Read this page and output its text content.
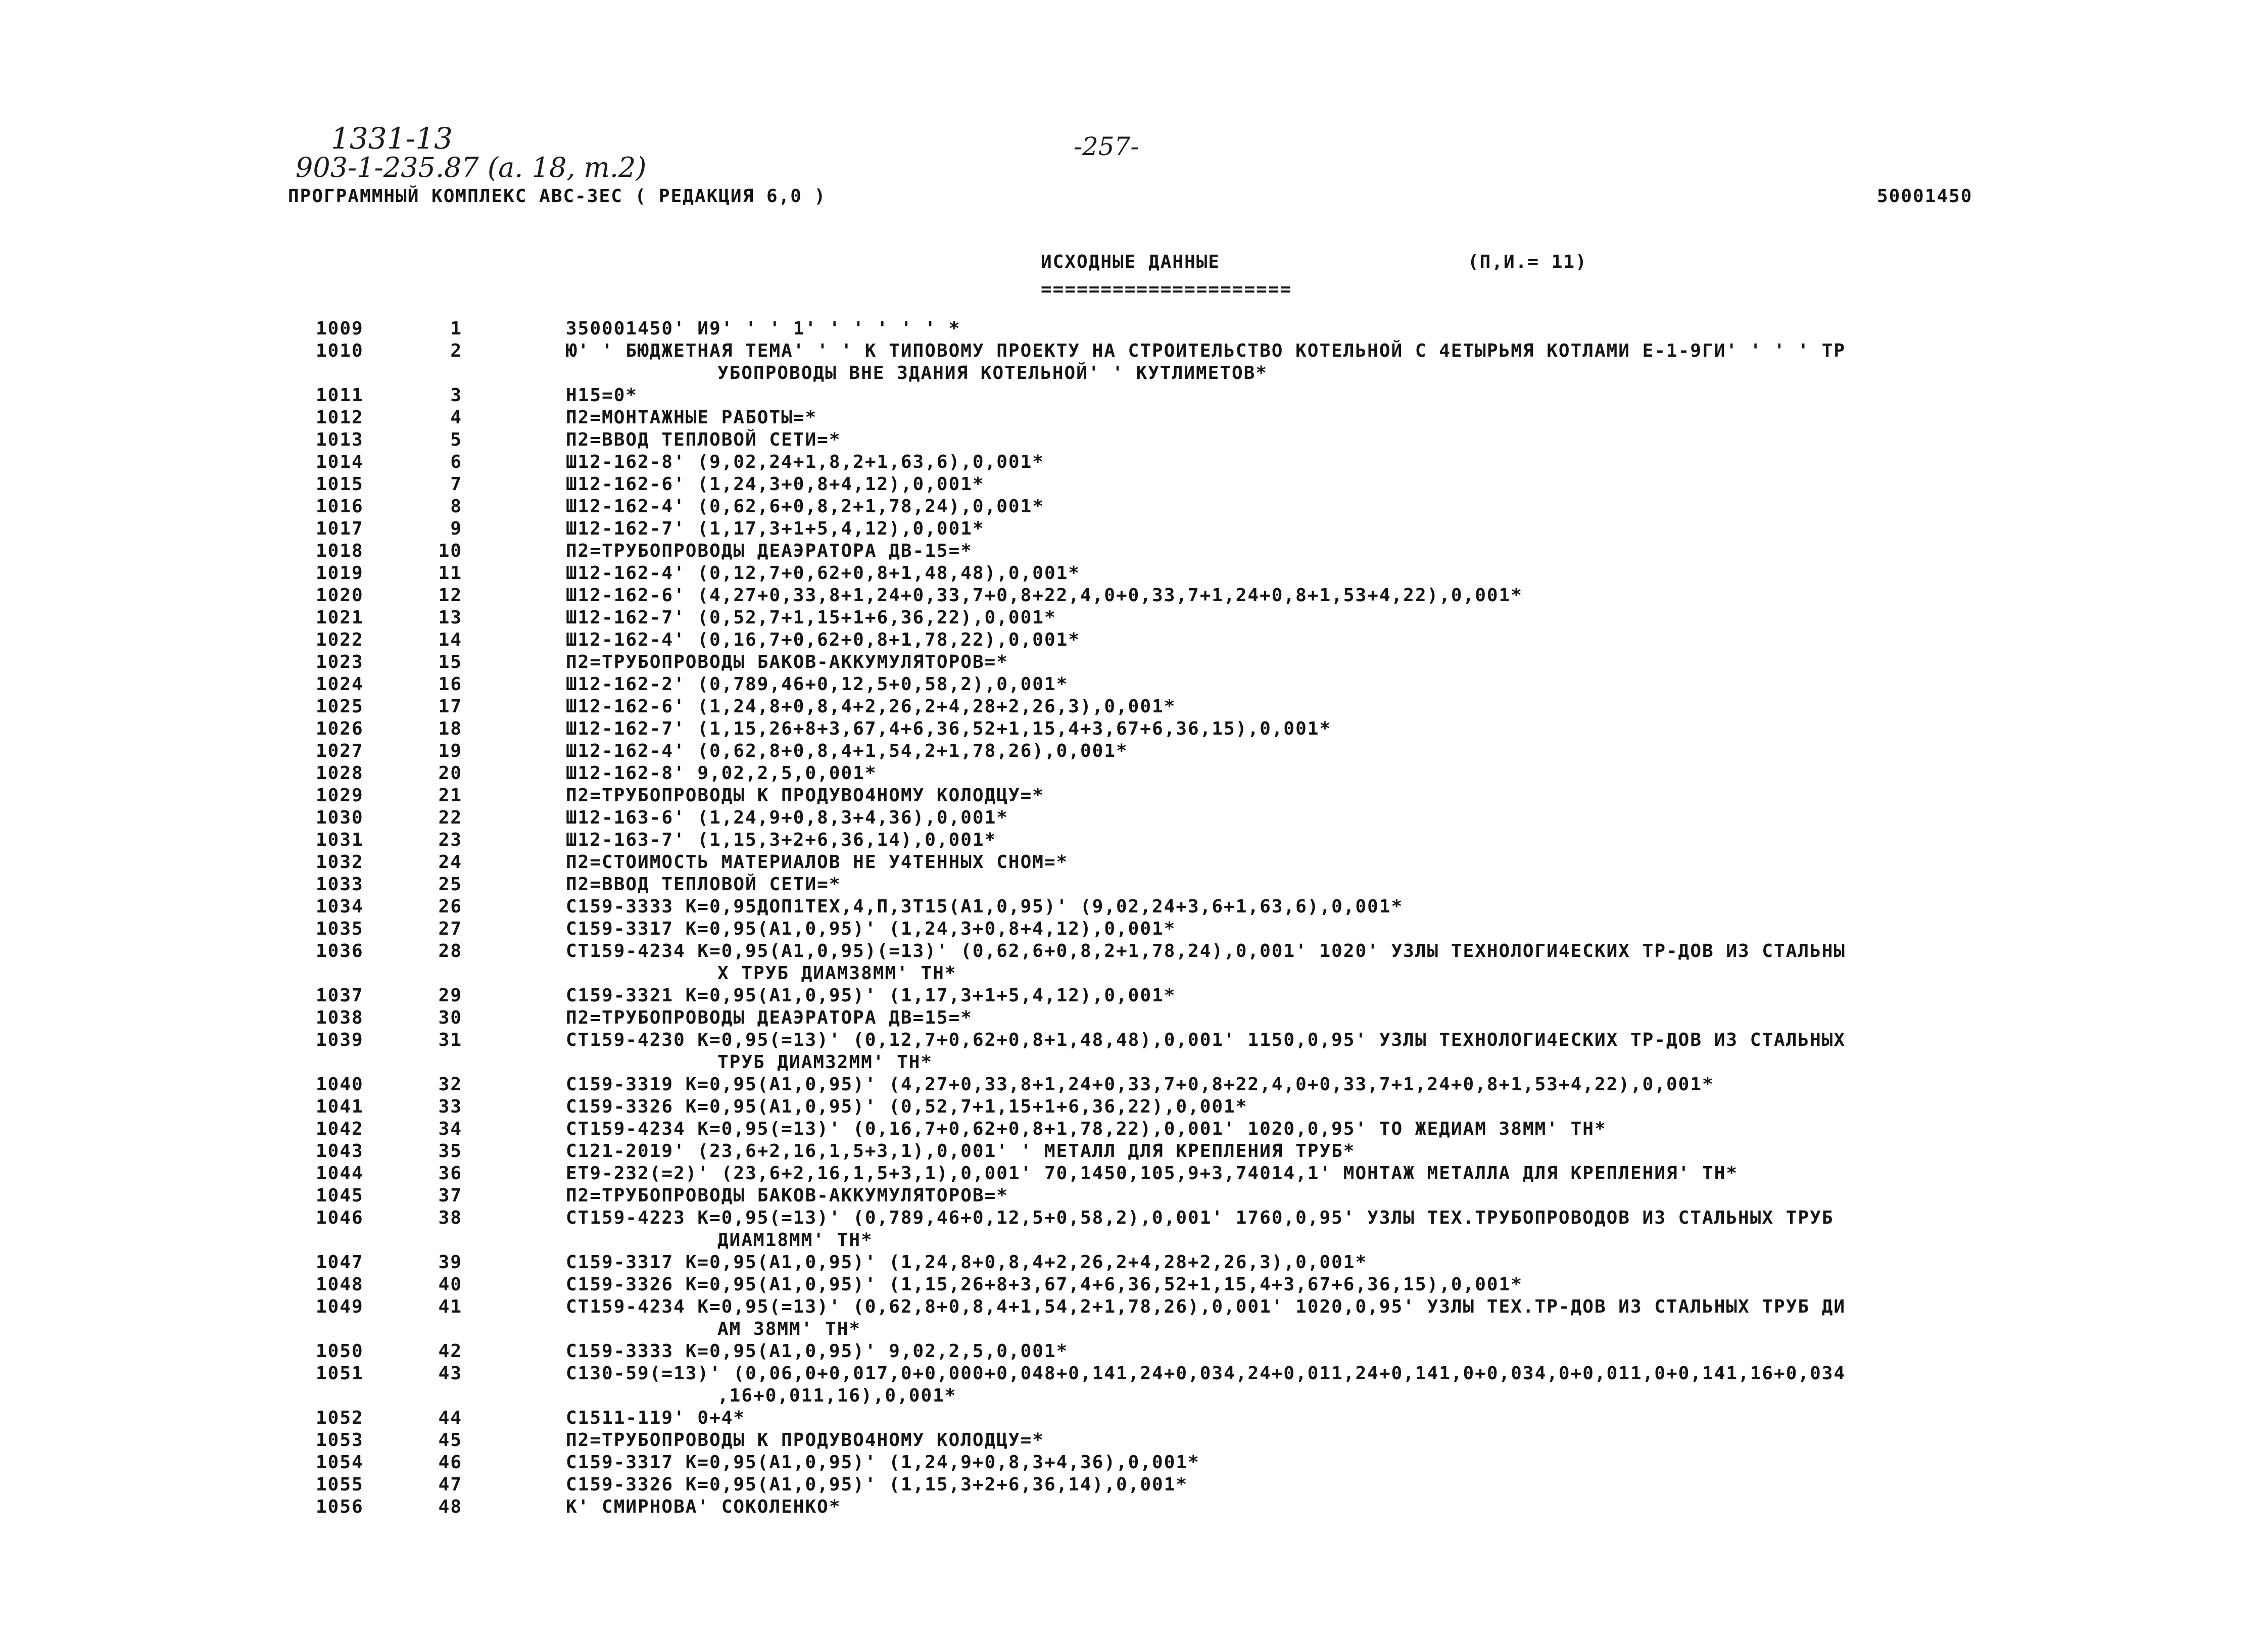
1331-13
903-1-235.87 (a. 18, т.2)
-257-
ПРОГРАММНЫЙ КОМПЛЕКС АВС-3ЕС ( РЕДАКЦИЯ 6,0 )	50001450
ИСХОДНЫЕ ДАННЫЕ
=====================
(П,И.= 11)
1009	1	350001450' И9' ' ' 1' ' ' ' ' ' *
1010	2	Ю' ' БЮДЖЕТНАЯ ТЕМА' ' ' К ТИПОВОМУ ПРОЕКТУ НА СТРОИТЕЛЬСТВО КОТЕЛЬНОЙ С 4ЕТЫРЬМЯ КОТЛАМИ Е-1-9ГИ' ' ' ' ТР
УБОПРОВОДЫ ВНЕ ЗДАНИЯ КОТЕЛЬНОЙ' ' КУТЛИМЕТОВ*
1011	3	Н15=0*
1012	4	П2=МОНТАЖНЫЕ РАБОТЫ=*
1013	5	П2=ВВОД ТЕПЛОВОЙ СЕТИ=*
1014	6	Ш12-162-8' (9,02,24+1,8,2+1,63,6),0,001*
1015	7	Ш12-162-6' (1,24,3+0,8+4,12),0,001*
1016	8	Ш12-162-4' (0,62,6+0,8,2+1,78,24),0,001*
1017	9	Ш12-162-7' (1,17,3+1+5,4,12),0,001*
1018	10	П2=ТРУБОПРОВОДЫ ДЕАЭРАТОРА ДВ-15=*
1019	11	Ш12-162-4' (0,12,7+0,62+0,8+1,48,48),0,001*
1020	12	Ш12-162-6' (4,27+0,33,8+1,24+0,33,7+0,8+22,4,0+0,33,7+1,24+0,8+1,53+4,22),0,001*
1021	13	Ш12-162-7' (0,52,7+1,15+1+6,36,22),0,001*
1022	14	Ш12-162-4' (0,16,7+0,62+0,8+1,78,22),0,001*
1023	15	П2=ТРУБОПРОВОДЫ БАКОВ-АККУМУЛЯТОРОВ=*
1024	16	Ш12-162-2' (0,789,46+0,12,5+0,58,2),0,001*
1025	17	Ш12-162-6' (1,24,8+0,8,4+2,26,2+4,28+2,26,3),0,001*
1026	18	Ш12-162-7' (1,15,26+8+3,67,4+6,36,52+1,15,4+3,67+6,36,15),0,001*
1027	19	Ш12-162-4' (0,62,8+0,8,4+1,54,2+1,78,26),0,001*
1028	20	Ш12-162-8' 9,02,2,5,0,001*
1029	21	П2=ТРУБОПРОВОДЫ К ПРОДУВО4НОМУ КОЛОДЦУ=*
1030	22	Ш12-163-6' (1,24,9+0,8,3+4,36),0,001*
1031	23	Ш12-163-7' (1,15,3+2+6,36,14),0,001*
1032	24	П2=СТОИМОСТЬ МАТЕРИАЛОВ НЕ У4ТЕННЫХ СНОМ=*
1033	25	П2=ВВОД ТЕПЛОВОЙ СЕТИ=*
1034	26	С159-3333 К=0,95ДОП1ТЕХ,4,П,3Т15(А1,0,95)' (9,02,24+3,6+1,63,6),0,001*
1035	27	С159-3317 К=0,95(А1,0,95)' (1,24,3+0,8+4,12),0,001*
1036	28	СТ159-4234 К=0,95(А1,0,95)(=13)' (0,62,6+0,8,2+1,78,24),0,001' 1020' УЗЛЫ ТЕХНОЛОГИ4ЕСКИХ ТР-ДОВ ИЗ СТАЛЬНЫ
Х ТРУБ ДИАМ38ММ' ТН*
1037	29	С159-3321 К=0,95(А1,0,95)' (1,17,3+1+5,4,12),0,001*
1038	30	П2=ТРУБОПРОВОДЫ ДЕАЭРАТОРА ДВ=15=*
1039	31	СТ159-4230 К=0,95(=13)' (0,12,7+0,62+0,8+1,48,48),0,001' 1150,0,95' УЗЛЫ ТЕХНОЛОГИ4ЕСКИХ ТР-ДОВ ИЗ СТАЛЬНЫХ
ТРУБ ДИАМ32ММ' ТН*
1040	32	С159-3319 К=0,95(А1,0,95)' (4,27+0,33,8+1,24+0,33,7+0,8+22,4,0+0,33,7+1,24+0,8+1,53+4,22),0,001*
1041	33	С159-3326 К=0,95(А1,0,95)' (0,52,7+1,15+1+6,36,22),0,001*
1042	34	СТ159-4234 К=0,95(=13)' (0,16,7+0,62+0,8+1,78,22),0,001' 1020,0,95' ТО ЖЕДИАМ 38ММ' ТН*
1043	35	С121-2019' (23,6+2,16,1,5+3,1),0,001' ' МЕТАЛЛ ДЛЯ КРЕПЛЕНИЯ ТРУБ*
1044	36	ЕТ9-232(=2)' (23,6+2,16,1,5+3,1),0,001' 70,1450,105,9+3,74014,1' МОНТАЖ МЕТАЛЛА ДЛЯ КРЕПЛЕНИЯ' ТН*
1045	37	П2=ТРУБОПРОВОДЫ БАКОВ-АККУМУЛЯТОРОВ=*
1046	38	СТ159-4223 К=0,95(=13)' (0,789,46+0,12,5+0,58,2),0,001' 1760,0,95' УЗЛЫ ТЕХ.ТРУБОПРОВОДОВ ИЗ СТАЛЬНЫХ ТРУБ
ДИАМ18ММ' ТН*
1047	39	С159-3317 К=0,95(А1,0,95)' (1,24,8+0,8,4+2,26,2+4,28+2,26,3),0,001*
1048	40	С159-3326 К=0,95(А1,0,95)' (1,15,26+8+3,67,4+6,36,52+1,15,4+3,67+6,36,15),0,001*
1049	41	СТ159-4234 К=0,95(=13)' (0,62,8+0,8,4+1,54,2+1,78,26),0,001' 1020,0,95' УЗЛЫ ТЕХ.ТР-ДОВ ИЗ СТАЛЬНЫХ ТРУБ ДИ
АМ 38ММ' ТН*
1050	42	С159-3333 К=0,95(А1,0,95)' 9,02,2,5,0,001*
1051	43	С130-59(=13)' (0,06,0+0,017,0+0,000+0,048+0,141,24+0,034,24+0,011,24+0,141,0+0,034,0+0,011,0+0,141,16+0,034
,16+0,011,16),0,001*
1052	44	С1511-119' 0+4*
1053	45	П2=ТРУБОПРОВОДЫ К ПРОДУВО4НОМУ КОЛОДЦУ=*
1054	46	С159-3317 К=0,95(А1,0,95)' (1,24,9+0,8,3+4,36),0,001*
1055	47	С159-3326 К=0,95(А1,0,95)' (1,15,3+2+6,36,14),0,001*
1056	48	К' СМИРНОВА' СОКОЛЕНКО*
